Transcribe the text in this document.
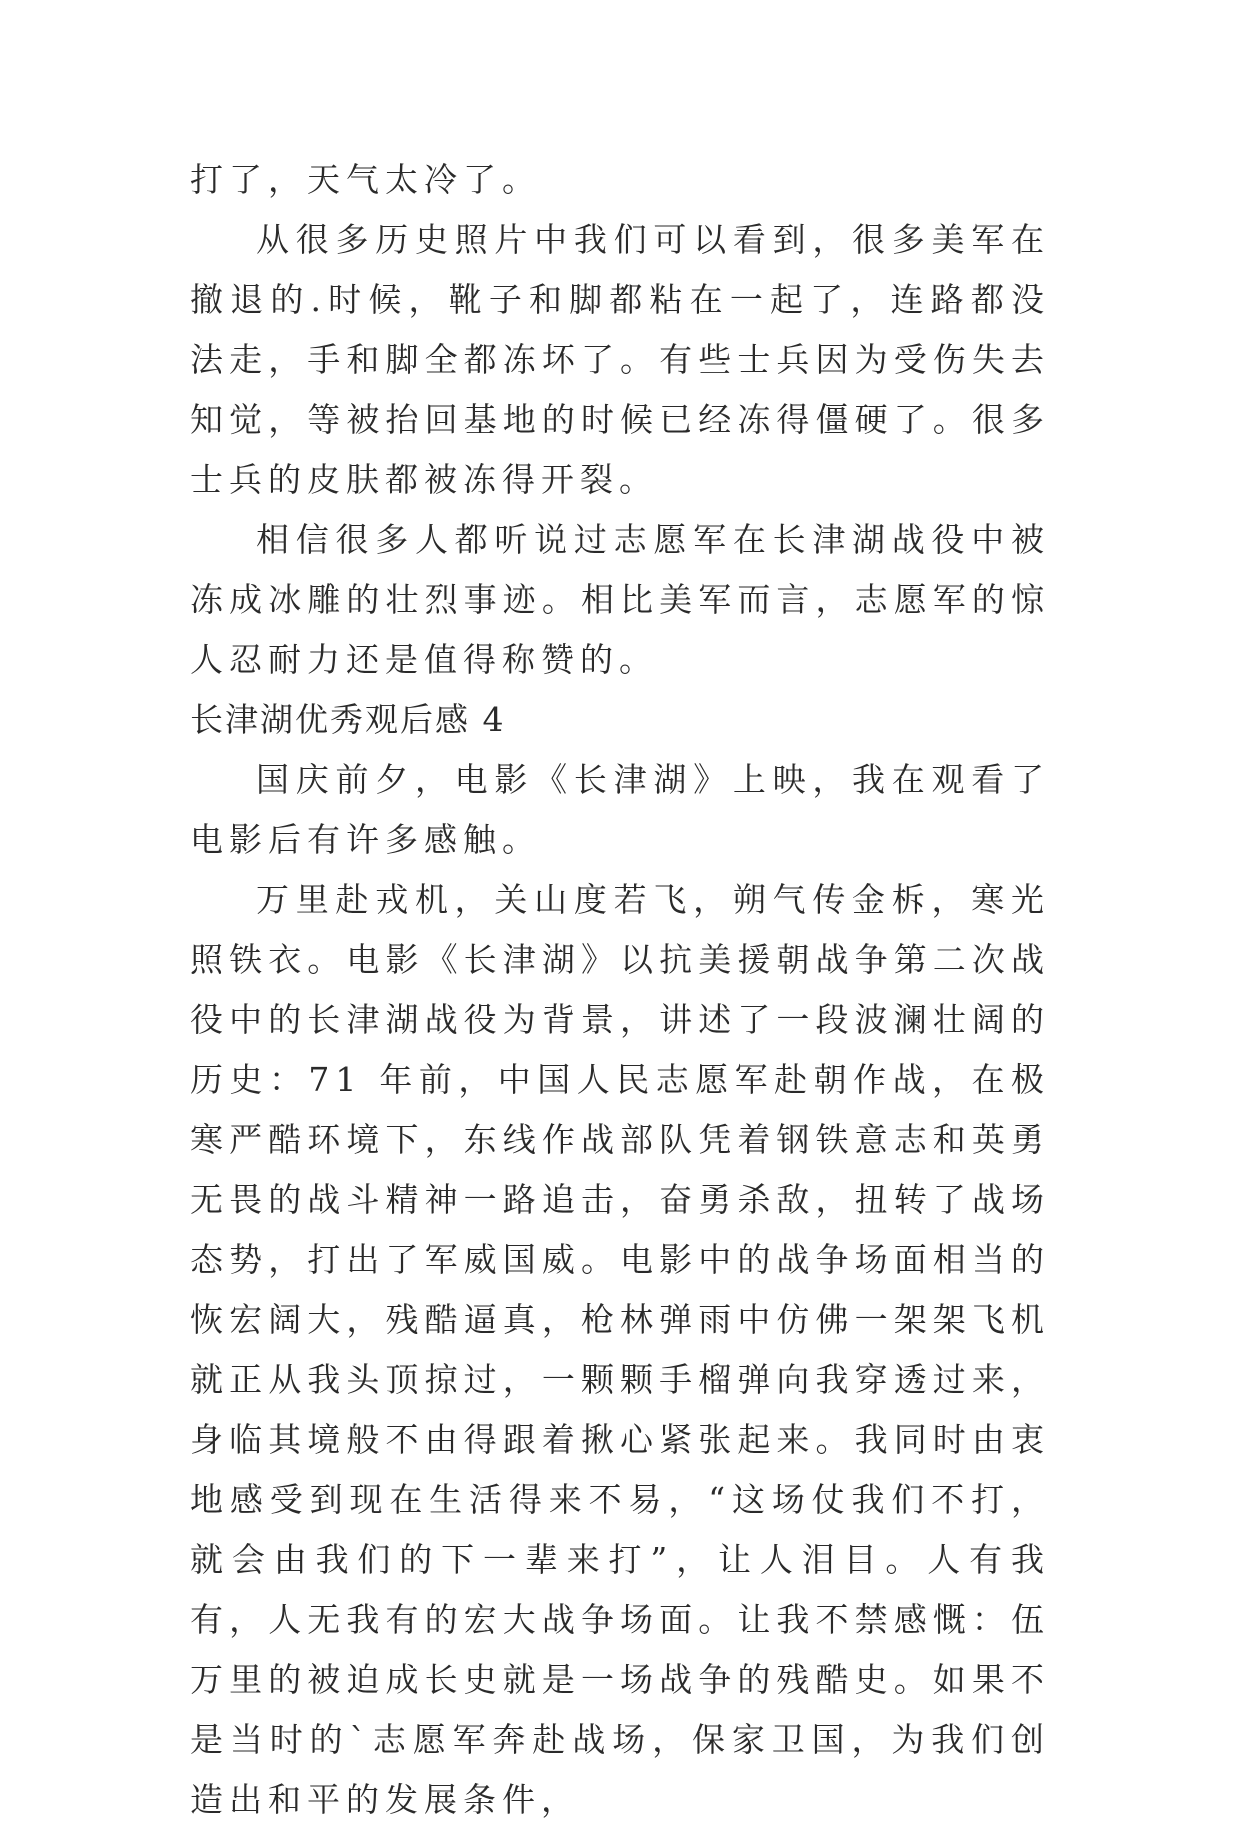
打了，天气太冷了。

从很多历史照片中我们可以看到，很多美军在撤退的.时候，靴子和脚都粘在一起了，连路都没法走，手和脚全都冻坏了。有些士兵因为受伤失去知觉，等被抬回基地的时候已经冻得僵硬了。很多士兵的皮肤都被冻得开裂。

相信很多人都听说过志愿军在长津湖战役中被冻成冰雕的壮烈事迹。相比美军而言，志愿军的惊人忍耐力还是值得称赞的。

长津湖优秀观后感 4

国庆前夕，电影《长津湖》上映，我在观看了电影后有许多感触。

万里赴戎机，关山度若飞，朔气传金柝，寒光照铁衣。电影《长津湖》以抗美援朝战争第二次战役中的长津湖战役为背景，讲述了一段波澜壮阔的历史：71 年前，中国人民志愿军赴朝作战，在极寒严酷环境下，东线作战部队凭着钢铁意志和英勇无畏的战斗精神一路追击，奋勇杀敌，扭转了战场态势，打出了军威国威。电影中的战争场面相当的恢宏阔大，残酷逼真，枪林弹雨中仿佛一架架飞机就正从我头顶掠过，一颗颗手榴弹向我穿透过来，身临其境般不由得跟着揪心紧张起来。我同时由衷地感受到现在生活得来不易，“这场仗我们不打，就会由我们的下一辈来打”，让人泪目。人有我有，人无我有的宏大战争场面。让我不禁感慨：伍万里的被迫成长史就是一场战争的残酷史。如果不是当时的`志愿军奔赴战场，保家卫国，为我们创造出和平的发展条件，
